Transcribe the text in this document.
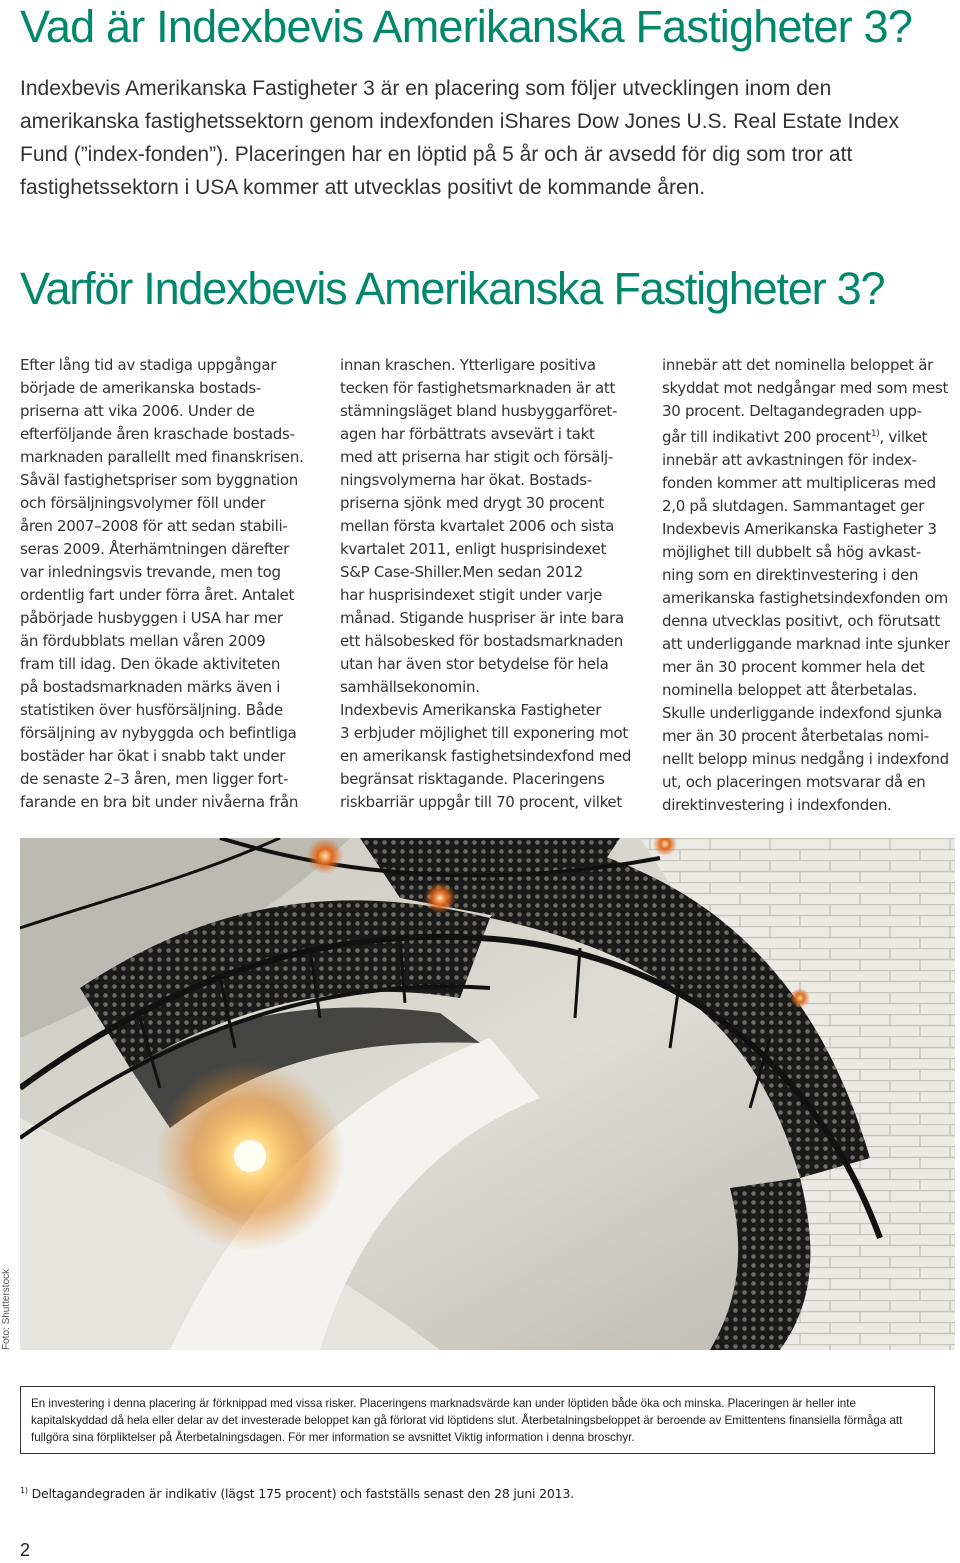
Vad är Indexbevis Amerikanska Fastigheter 3?

Indexbevis Amerikanska Fastigheter 3 är en placering som följer utvecklingen inom den amerikanska fastighetssektorn genom indexfonden iShares Dow Jones U.S. Real Estate Index Fund (”index-fonden”). Placeringen har en löptid på 5 år och är avsedd för dig som tror att fastighetssektorn i USA kommer att utvecklas positivt de kommande åren.

Varför Indexbevis Amerikanska Fastigheter 3?

Efter lång tid av stadiga uppgångar
började de amerikanska bostads-
priserna att vika 2006. Under de
efterföljande åren kraschade bostads-
marknaden parallellt med finanskrisen.
Såväl fastighetspriser som byggnation
och försäljningsvolymer föll under
åren 2007–2008 för att sedan stabili-
seras 2009. Återhämtningen därefter
var inledningsvis trevande, men tog
ordentlig fart under förra året. Antalet
påbörjade husbyggen i USA har mer
än fördubblats mellan våren 2009
fram till idag. Den ökade aktiviteten
på bostadsmarknaden märks även i
statistiken över husförsäljning. Både
försäljning av nybyggda och befintliga
bostäder har ökat i snabb takt under
de senaste 2–3 åren, men ligger fort-
farande en bra bit under nivåerna från

innan kraschen. Ytterligare positiva
tecken för fastighetsmarknaden är att
stämningsläget bland husbyggarföret-
agen har förbättrats avsevärt i takt
med att priserna har stigit och försälj-
ningsvolymerna har ökat. Bostads-
priserna sjönk med drygt 30 procent
mellan första kvartalet 2006 och sista
kvartalet 2011, enligt husprisindexet
S&P Case-Shiller.Men sedan 2012
har husprisindexet stigit under varje
månad. Stigande huspriser är inte bara
ett hälsobesked för bostadsmarknaden
utan har även stor betydelse för hela
samhällsekonomin.
Indexbevis Amerikanska Fastigheter
3 erbjuder möjlighet till exponering mot
en amerikansk fastighetsindexfond med
begränsat risktagande. Placeringens
riskbarriär uppgår till 70 procent, vilket

innebär att det nominella beloppet är
skyddat mot nedgångar med som mest
30 procent. Deltagandegraden upp-
går till indikativt 200 procent$^{1)}$, vilket
innebär att avkastningen för index-
fonden kommer att multipliceras med
2,0 på slutdagen. Sammantaget ger
Indexbevis Amerikanska Fastigheter 3
möjlighet till dubbelt så hög avkast-
ning som en direktinvestering i den
amerikanska fastighetsindexfonden om
denna utvecklas positivt, och förutsatt
att underliggande marknad inte sjunker
mer än 30 procent kommer hela det
nominella beloppet att återbetalas.
Skulle underliggande indexfond sjunka
mer än 30 procent återbetalas nomi-
nellt belopp minus nedgång i indexfond
ut, och placeringen motsvarar då en
direktinvestering i indexfonden.

Foto: Shutterstock
En investering i denna placering är förknippad med vissa risker. Placeringens marknadsvärde kan under löptiden både öka och minska. Placeringen är heller inte kapitalskyddad då hela eller delar av det investerade beloppet kan gå förlorat vid löptidens slut. Återbetalningsbeloppet är beroende av Emittentens finansiella förmåga att fullgöra sina förpliktelser på Återbetalningsdagen. För mer information se avsnittet Viktig information i denna broschyr.
$^{1)}$ Deltagandegraden är indikativ (lägst 175 procent) och fastställs senast den 28 juni 2013.
2
